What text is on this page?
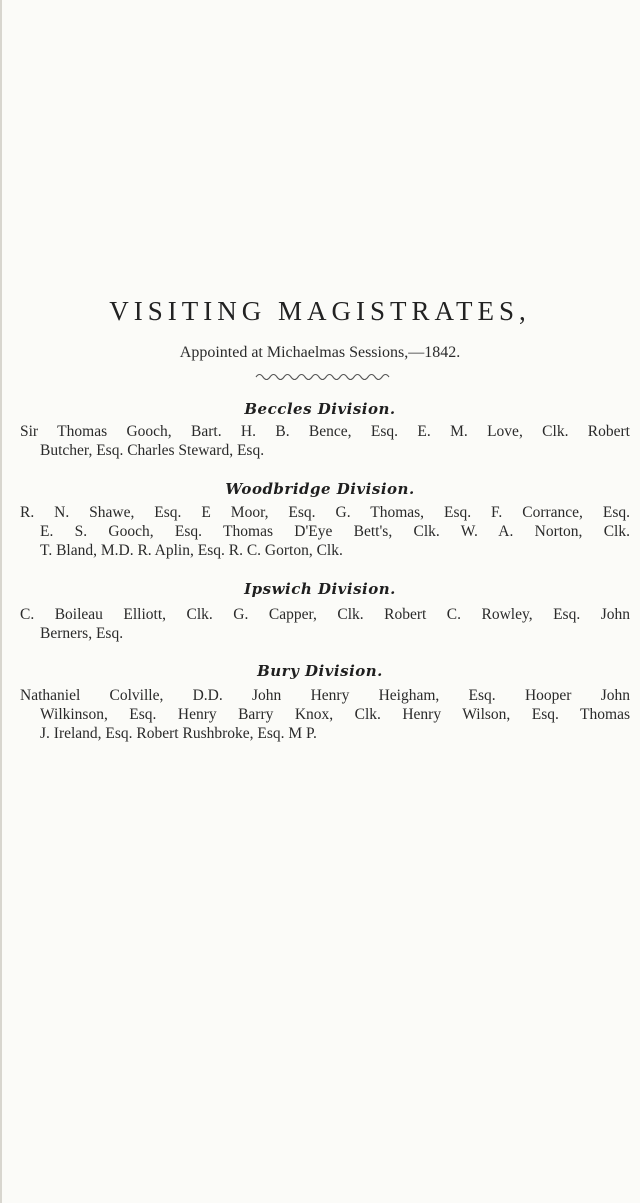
VISITING MAGISTRATES,
Appointed at Michaelmas Sessions,—1842.
Beccles Division.
Sir Thomas Gooch, Bart. H. B. Bence, Esq. E. M. Love, Clk. Robert
Butcher, Esq. Charles Steward, Esq.
Woodbridge Division.
R. N. Shawe, Esq. E Moor, Esq. G. Thomas, Esq. F. Corrance, Esq.
E. S. Gooch, Esq. Thomas D'Eye Bett's, Clk. W. A. Norton, Clk.
T. Bland, M.D. R. Aplin, Esq. R. C. Gorton, Clk.
Ipswich Division.
C. Boileau Elliott, Clk. G. Capper, Clk. Robert C. Rowley, Esq. John
Berners, Esq.
Bury Division.
Nathaniel Colville, D.D. John Henry Heigham, Esq. Hooper John
Wilkinson, Esq. Henry Barry Knox, Clk. Henry Wilson, Esq. Thomas
J. Ireland, Esq. Robert Rushbroke, Esq. M P.
